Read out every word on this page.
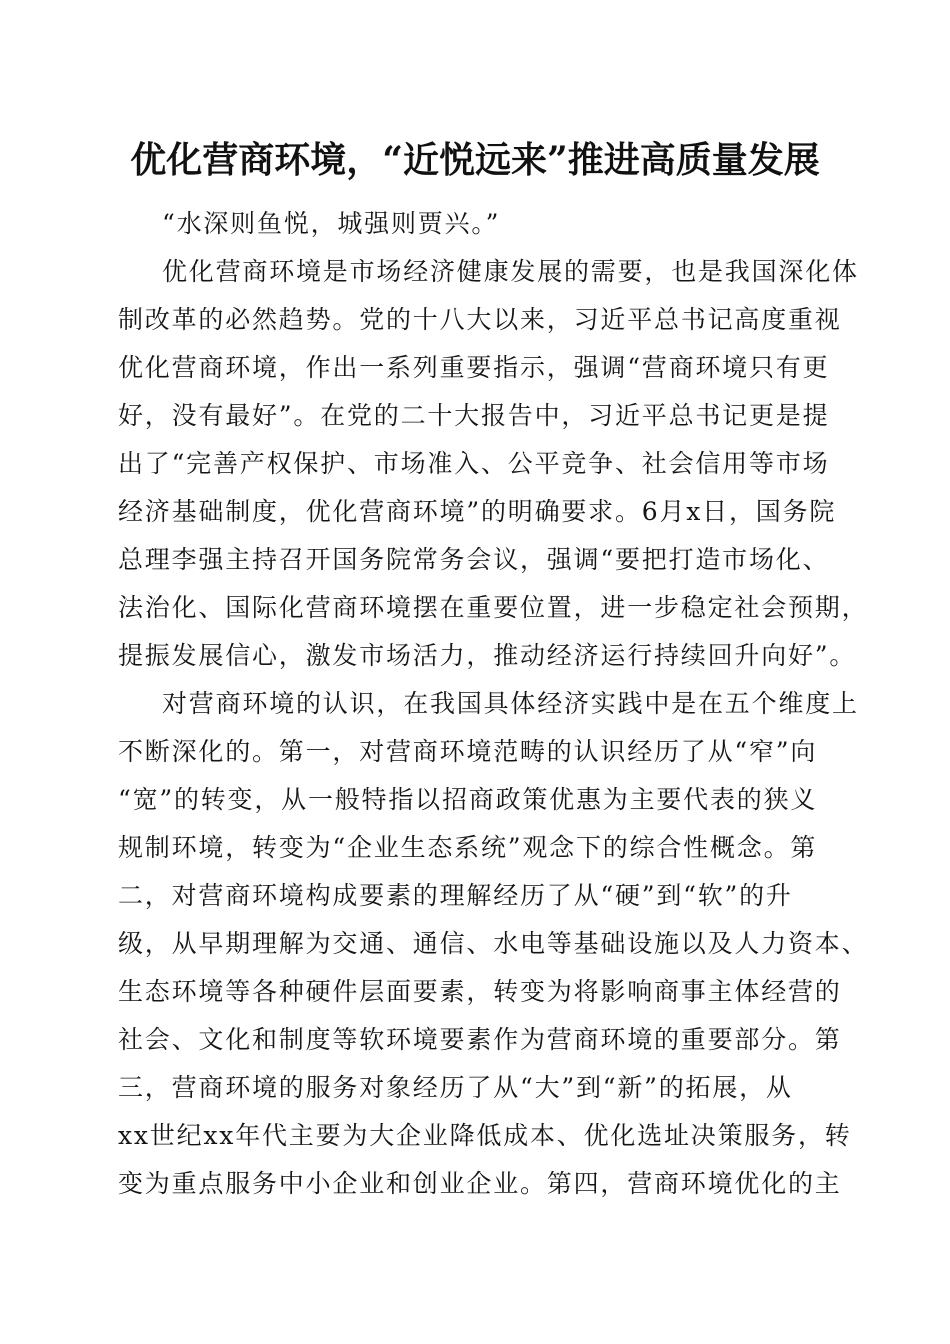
优化营商环境，“近悦远来”推进高质量发展
“水深则鱼悦，城强则贾兴。”
优化营商环境是市场经济健康发展的需要，也是我国深化体
制改革的必然趋势。党的十八大以来，习近平总书记高度重视
优化营商环境，作出一系列重要指示，强调“营商环境只有更
好，没有最好”。在党的二十大报告中，习近平总书记更是提
出了“完善产权保护、市场准入、公平竞争、社会信用等市场
经济基础制度，优化营商环境”的明确要求。6月x日，国务院
总理李强主持召开国务院常务会议，强调“要把打造市场化、
法治化、国际化营商环境摆在重要位置，进一步稳定社会预期，
提振发展信心，激发市场活力，推动经济运行持续回升向好”。
对营商环境的认识，在我国具体经济实践中是在五个维度上
不断深化的。第一，对营商环境范畴的认识经历了从“窄”向
“宽”的转变，从一般特指以招商政策优惠为主要代表的狭义
规制环境，转变为“企业生态系统”观念下的综合性概念。第
二，对营商环境构成要素的理解经历了从“硬”到“软”的升
级，从早期理解为交通、通信、水电等基础设施以及人力资本、
生态环境等各种硬件层面要素，转变为将影响商事主体经营的
社会、文化和制度等软环境要素作为营商环境的重要部分。第
三，营商环境的服务对象经历了从“大”到“新”的拓展，从
xx世纪xx年代主要为大企业降低成本、优化选址决策服务，转
变为重点服务中小企业和创业企业。第四，营商环境优化的主
